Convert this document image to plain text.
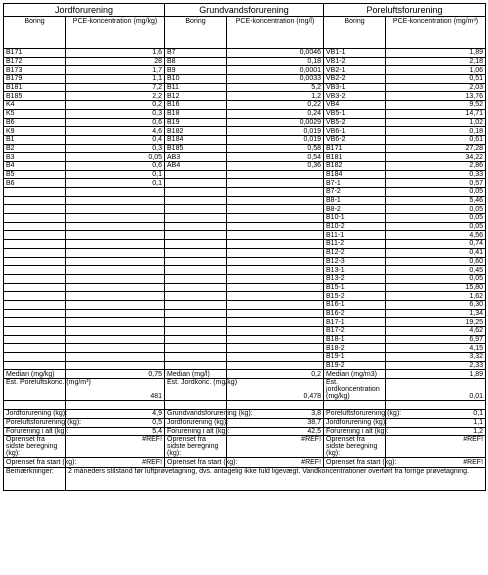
Jordforurening		Grundvandsforurening		Poreluftsforurening	
Boring	PCE-koncentration (mg/kg)	Boring	PCE-koncentration (mg/l)	Boring	PCE-koncentration (mg/m³)
B171	1,6	B7	0,0046	VB1-1	1,89
B172	28	B8	0,18	VB1-2	2,18
B173	1,7	B9	0,0001	VB2-1	1,06
B179	1,1	B10	0,0033	VB2-2	0,51
B181	7,2	B11	5,2	VB3-1	2,03
B185	2,2	B12	1,2	VB3-2	13,76
K4	0,2	B16	0,22	VB4	9,52
K5	0,3	B18	0,24	VB5-1	14,71
B6	0,6	B19	0,0029	VB5-2	1,02
K9	4,6	B182	0,019	VB6-1	0,18
B1	0,4	B184	0,019	VB6-2	0,61
B2	0,3	B185	0,58	B171	27,28
B3	0,05	AB3	0,54	B181	34,22
B4	0,6	AB4	0,36	B182	2,86
B5	0,1			B184	0,33
B6	0,1			B7-1	0,57
				B7-2	0,05
				B8-1	5,46
				B8-2	0,05
				B10-1	0,05
				B10-2	0,05
				B11-1	4,56
				B11-2	0,74
				B12-2	0,41
				B12-3	0,60
				B13-1	0,45
				B13-2	0,05
				B15-1	15,80
				B15-2	1,62
				B16-1	6,30
				B16-2	1,34
				B17-1	19,25
				B17-2	4,62
				B18-1	6,97
				B18-2	4,15
				B19-1	3,32
				B19-2	2,33
Median (mg/kg)	0,75	Median (mg/l)	0,2	Median (mg/m3)	1,89
Est. Poreluftskonc. (mg/m³)	481	Est. Jordkonc. (mg/kg)	0,478	Est. jordkoncentration (mg/kg)	0,01

Jordforurening (kg):	4,9	Grundvandsforurening (kg):	3,8	Poreluftsforurening (kg):	0,1
Poreluftsforurening (kg):	0,5	Jordforurening (kg):	38,7	Jordforurening (kg):	1,1
Forurening i alt (kg):	5,4	Forurening i alt (kg):	42,5	Forurening i alt (kg):	1,2
Oprenset fra sidste beregning (kg):	#REF!	Oprenset fra sidste beregning (kg):	#REF!	Oprenset fra sidste beregning (kg):	#REF!
Oprenset fra start (kg):	#REF!	Oprenset fra start (kg):	#REF!	Oprenset fra start (kg):	#REF!
Bemærkninger:	2 måneders stilstand før luftprøvetagning, dvs. antagelig ikke fuld ligevægt. Vandkoncentrationer overført fra forrige prøvetagning.				
